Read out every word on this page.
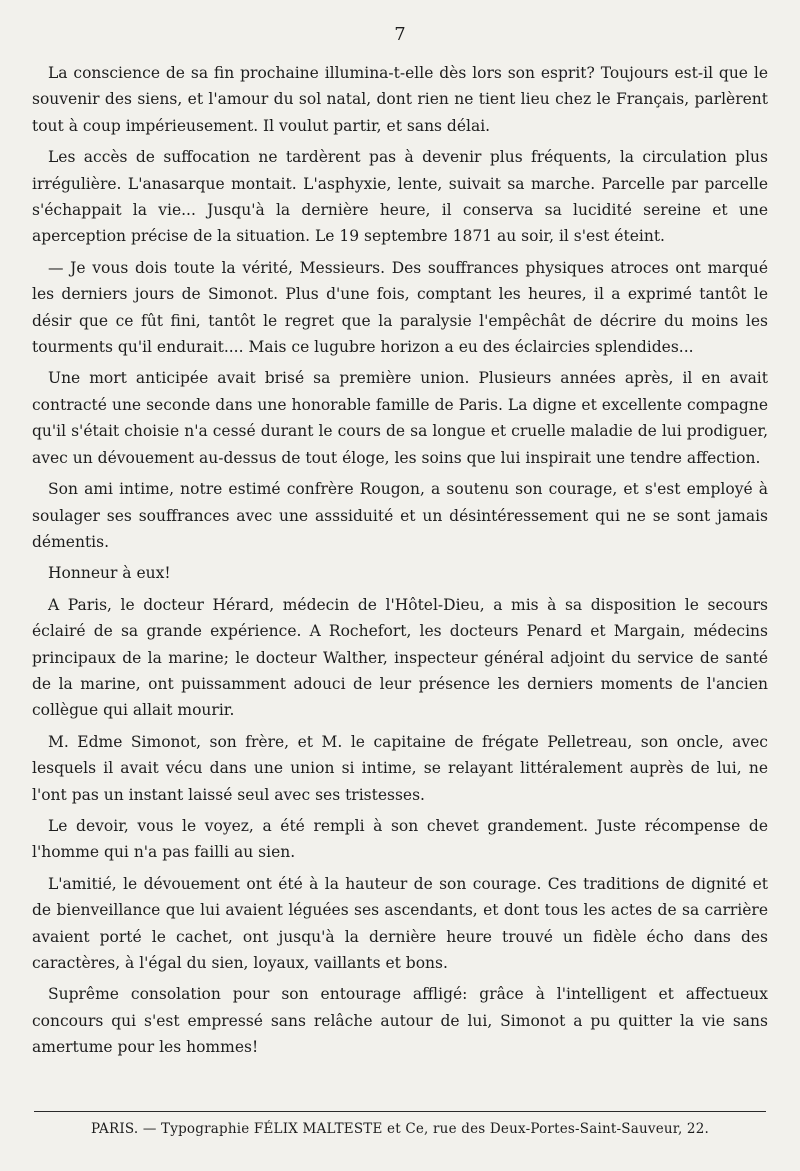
7

La conscience de sa fin prochaine illumina-t-elle dès lors son esprit? Toujours est-il que le souvenir des siens, et l'amour du sol natal, dont rien ne tient lieu chez le Français, parlèrent tout à coup impérieusement. Il voulut partir, et sans délai.

Les accès de suffocation ne tardèrent pas à devenir plus fréquents, la circulation plus irrégulière. L'anasarque montait. L'asphyxie, lente, suivait sa marche. Parcelle par parcelle s'échappait la vie... Jusqu'à la dernière heure, il conserva sa lucidité sereine et une aperception précise de la situation. Le 19 septembre 1871 au soir, il s'est éteint.

— Je vous dois toute la vérité, Messieurs. Des souffrances physiques atroces ont marqué les derniers jours de Simonot. Plus d'une fois, comptant les heures, il a exprimé tantôt le désir que ce fût fini, tantôt le regret que la paralysie l'empêchât de décrire du moins les tourments qu'il endurait.... Mais ce lugubre horizon a eu des éclaircies splendides...

Une mort anticipée avait brisé sa première union. Plusieurs années après, il en avait contracté une seconde dans une honorable famille de Paris. La digne et excellente compagne qu'il s'était choisie n'a cessé durant le cours de sa longue et cruelle maladie de lui prodiguer, avec un dévouement au-dessus de tout éloge, les soins que lui inspirait une tendre affection.

Son ami intime, notre estimé confrère Rougon, a soutenu son courage, et s'est employé à soulager ses souffrances avec une asssiduité et un désintéressement qui ne se sont jamais démentis.

Honneur à eux!

A Paris, le docteur Hérard, médecin de l'Hôtel-Dieu, a mis à sa disposition le secours éclairé de sa grande expérience. A Rochefort, les docteurs Penard et Margain, médecins principaux de la marine; le docteur Walther, inspecteur général adjoint du service de santé de la marine, ont puissamment adouci de leur présence les derniers moments de l'ancien collègue qui allait mourir.

M. Edme Simonot, son frère, et M. le capitaine de frégate Pelletreau, son oncle, avec lesquels il avait vécu dans une union si intime, se relayant littéralement auprès de lui, ne l'ont pas un instant laissé seul avec ses tristesses.

Le devoir, vous le voyez, a été rempli à son chevet grandement. Juste récompense de l'homme qui n'a pas failli au sien.

L'amitié, le dévouement ont été à la hauteur de son courage. Ces traditions de dignité et de bienveillance que lui avaient léguées ses ascendants, et dont tous les actes de sa carrière avaient porté le cachet, ont jusqu'à la dernière heure trouvé un fidèle écho dans des caractères, à l'égal du sien, loyaux, vaillants et bons.

Suprême consolation pour son entourage affligé: grâce à l'intelligent et affectueux concours qui s'est empressé sans relâche autour de lui, Simonot a pu quitter la vie sans amertume pour les hommes!

PARIS. — Typographie FÉLIX MALTESTE et Ce, rue des Deux-Portes-Saint-Sauveur, 22.
